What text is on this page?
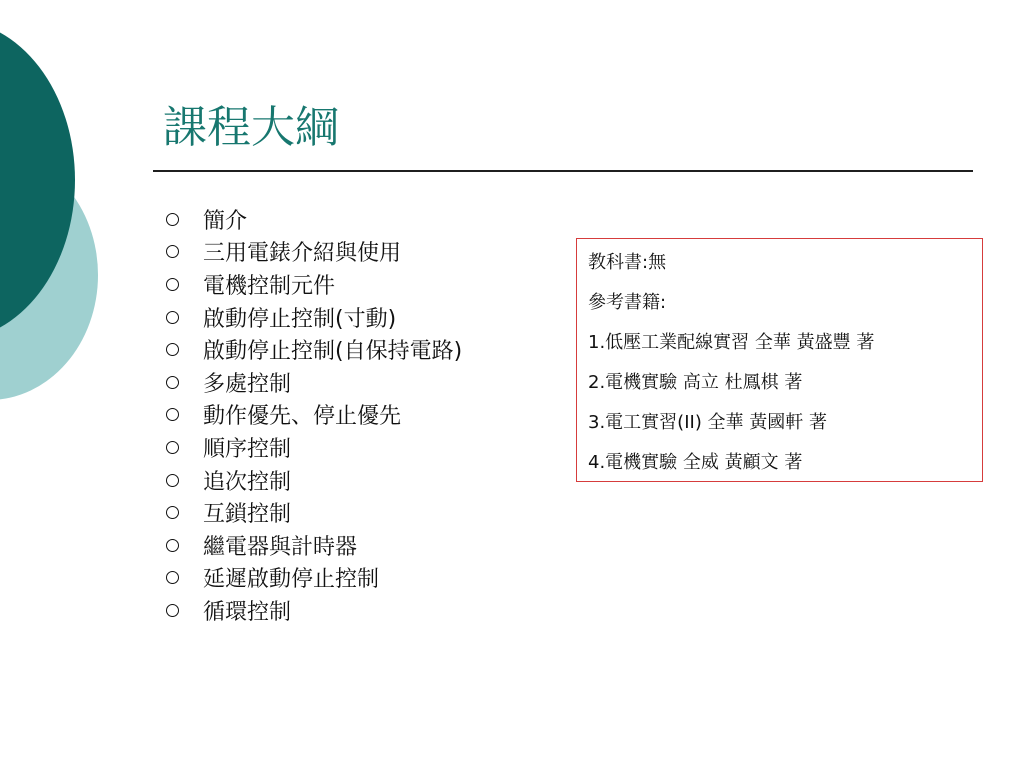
課程大綱
簡介
三用電錶介紹與使用
電機控制元件
啟動停止控制(寸動)
啟動停止控制(自保持電路)
多處控制
動作優先、停止優先
順序控制
追次控制
互鎖控制
繼電器與計時器
延遲啟動停止控制
循環控制
教科書:無
參考書籍:
1.低壓工業配線實習 全華 黃盛豐 著
2.電機實驗 高立 杜鳳棋 著
3.電工實習(II) 全華 黃國軒 著
4.電機實驗 全威 黃顧文 著
